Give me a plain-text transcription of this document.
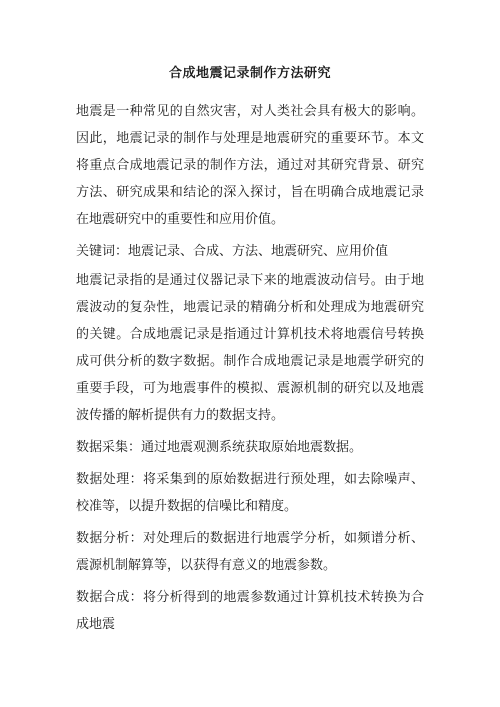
合成地震记录制作方法研究

地震是一种常见的自然灾害，对人类社会具有极大的影响。因此，地震记录的制作与处理是地震研究的重要环节。本文将重点合成地震记录的制作方法，通过对其研究背景、研究方法、研究成果和结论的深入探讨，旨在明确合成地震记录在地震研究中的重要性和应用价值。

关键词：地震记录、合成、方法、地震研究、应用价值

地震记录指的是通过仪器记录下来的地震波动信号。由于地震波动的复杂性，地震记录的精确分析和处理成为地震研究的关键。合成地震记录是指通过计算机技术将地震信号转换成可供分析的数字数据。制作合成地震记录是地震学研究的重要手段，可为地震事件的模拟、震源机制的研究以及地震波传播的解析提供有力的数据支持。

数据采集：通过地震观测系统获取原始地震数据。

数据处理：将采集到的原始数据进行预处理，如去除噪声、校准等，以提升数据的信噪比和精度。

数据分析：对处理后的数据进行地震学分析，如频谱分析、震源机制解算等，以获得有意义的地震参数。

数据合成：将分析得到的地震参数通过计算机技术转换为合成地震
